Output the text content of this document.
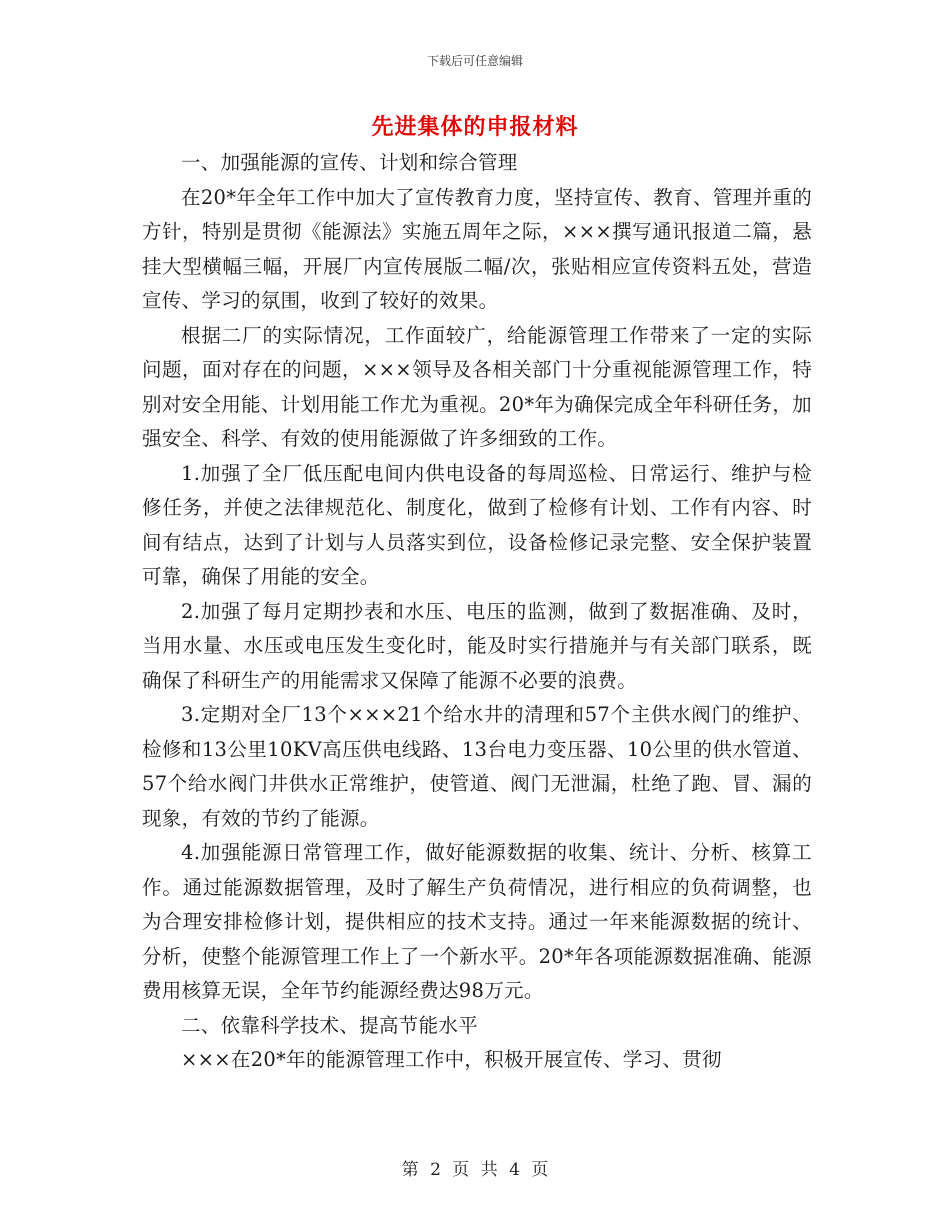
下载后可任意编辑
先进集体的申报材料

一、加强能源的宣传、计划和综合管理

在20*年全年工作中加大了宣传教育力度，坚持宣传、教育、管理并重的方针，特别是贯彻《能源法》实施五周年之际，×××撰写通讯报道二篇，悬挂大型横幅三幅，开展厂内宣传展版二幅/次，张贴相应宣传资料五处，营造宣传、学习的氛围，收到了较好的效果。

根据二厂的实际情况，工作面较广，给能源管理工作带来了一定的实际问题，面对存在的问题，×××领导及各相关部门十分重视能源管理工作，特别对安全用能、计划用能工作尤为重视。20*年为确保完成全年科研任务，加强安全、科学、有效的使用能源做了许多细致的工作。

1.加强了全厂低压配电间内供电设备的每周巡检、日常运行、维护与检修任务，并使之法律规范化、制度化，做到了检修有计划、工作有内容、时间有结点，达到了计划与人员落实到位，设备检修记录完整、安全保护装置可靠，确保了用能的安全。

2.加强了每月定期抄表和水压、电压的监测，做到了数据准确、及时，当用水量、水压或电压发生变化时，能及时实行措施并与有关部门联系，既确保了科研生产的用能需求又保障了能源不必要的浪费。

3.定期对全厂13个×××21个给水井的清理和57个主供水阀门的维护、检修和13公里10KV高压供电线路、13台电力变压器、10公里的供水管道、57个给水阀门井供水正常维护，使管道、阀门无泄漏，杜绝了跑、冒、漏的现象，有效的节约了能源。

4.加强能源日常管理工作，做好能源数据的收集、统计、分析、核算工作。通过能源数据管理，及时了解生产负荷情况，进行相应的负荷调整，也为合理安排检修计划，提供相应的技术支持。通过一年来能源数据的统计、分析，使整个能源管理工作上了一个新水平。20*年各项能源数据准确、能源费用核算无误，全年节约能源经费达98万元。

二、依靠科学技术、提高节能水平

×××在20*年的能源管理工作中，积极开展宣传、学习、贯彻

第 2 页 共 4 页
